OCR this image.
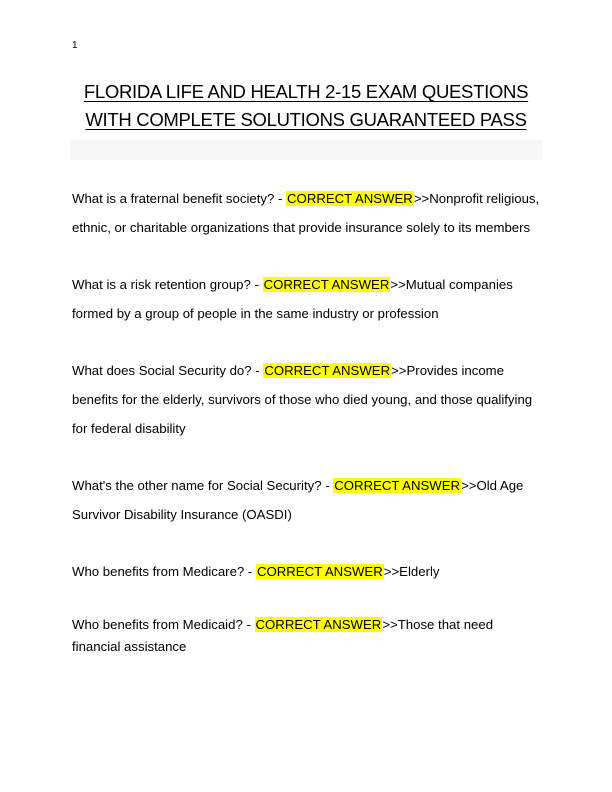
1
FLORIDA LIFE AND HEALTH 2-15 EXAM QUESTIONS
WITH COMPLETE SOLUTIONS GUARANTEED PASS

What is a fraternal benefit society? - CORRECT ANSWER>>Nonprofit religious, ethnic, or charitable organizations that provide insurance solely to its members

What is a risk retention group? - CORRECT ANSWER>>Mutual companies formed by a group of people in the same industry or profession

What does Social Security do? - CORRECT ANSWER>>Provides income benefits for the elderly, survivors of those who died young, and those qualifying for federal disability

What's the other name for Social Security? - CORRECT ANSWER>>Old Age Survivor Disability Insurance (OASDI)

Who benefits from Medicare? - CORRECT ANSWER>>Elderly

Who benefits from Medicaid? - CORRECT ANSWER>>Those that need financial assistance
